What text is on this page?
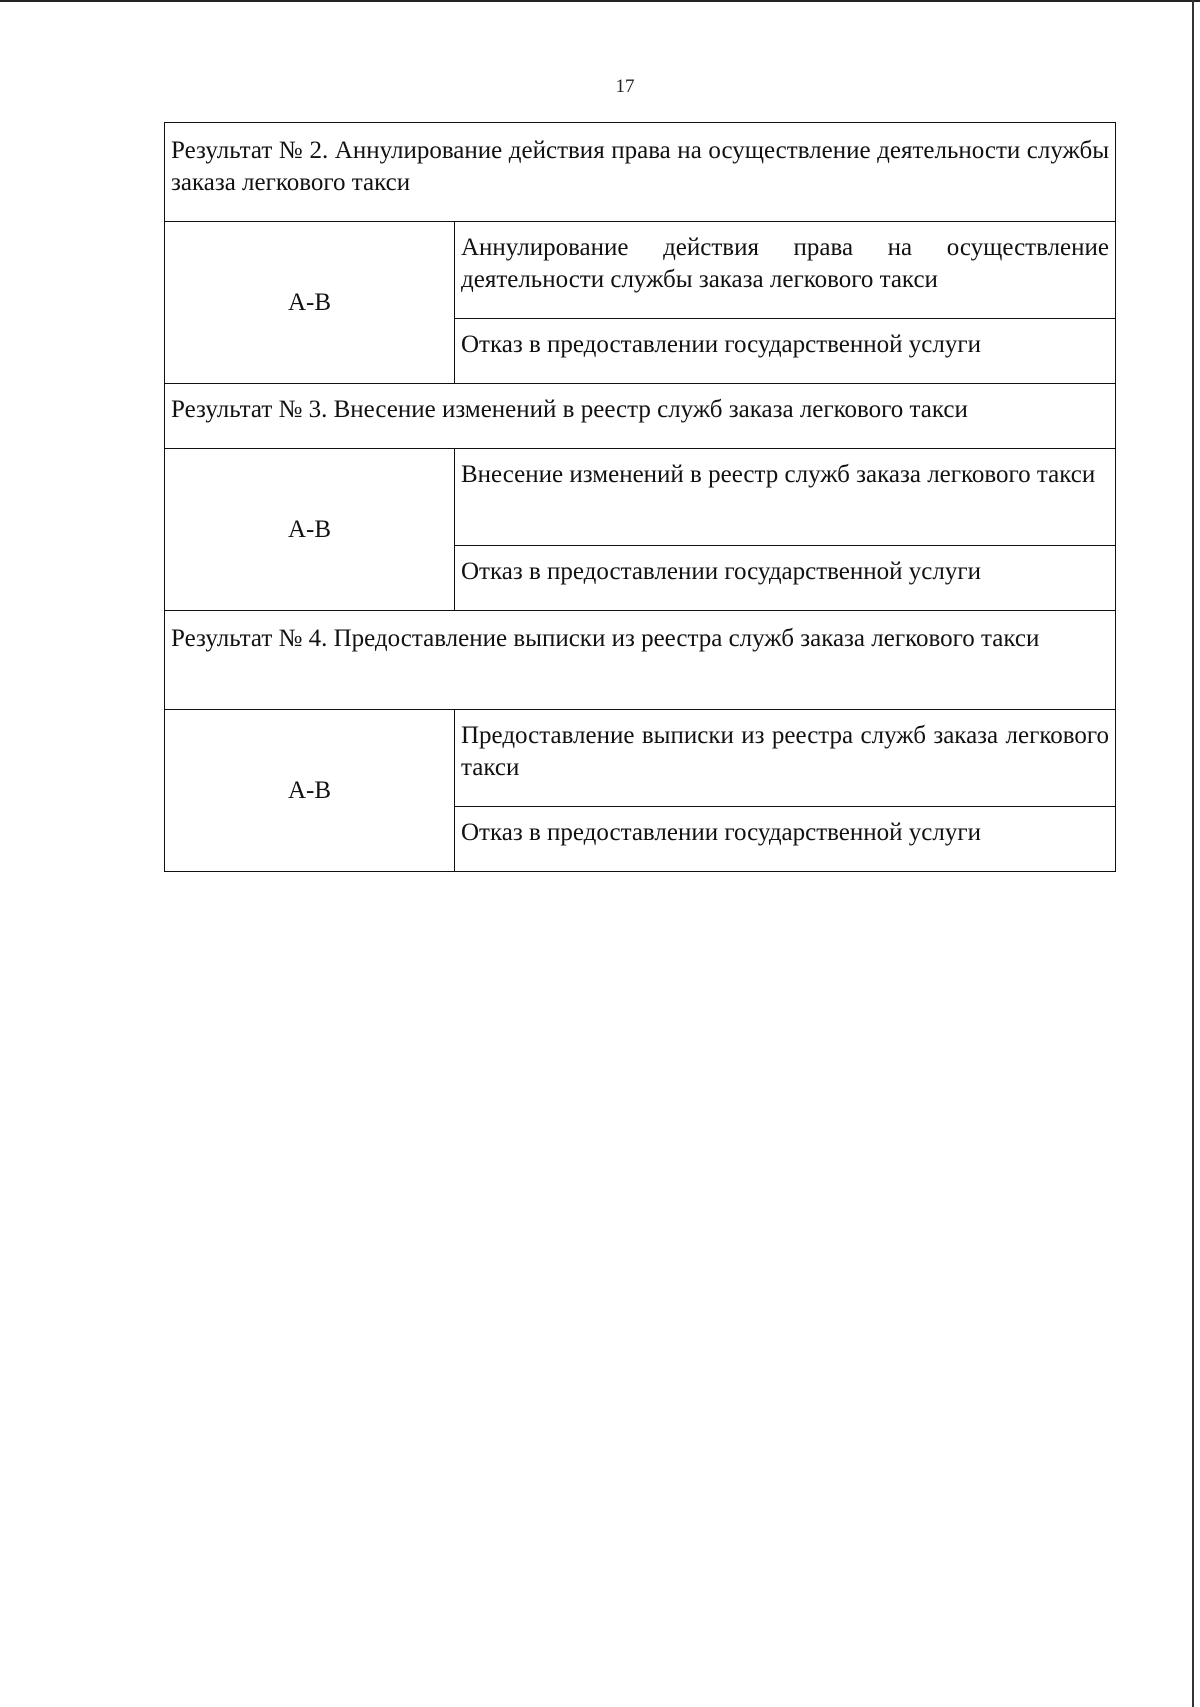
17
Результат № 2. Аннулирование действия права на осуществление деятельности службы заказа легкового такси	
А-В	Аннулирование действия права на осуществление деятельности службы заказа легкового такси
	Отказ в предоставлении государственной услуги
Результат № 3. Внесение изменений в реестр служб заказа легкового такси	
А-В	Внесение изменений в реестр служб заказа легкового такси
	Отказ в предоставлении государственной услуги
Результат № 4. Предоставление выписки из реестра служб заказа легкового такси	
А-В	Предоставление выписки из реестра служб заказа легкового такси
	Отказ в предоставлении государственной услуги
